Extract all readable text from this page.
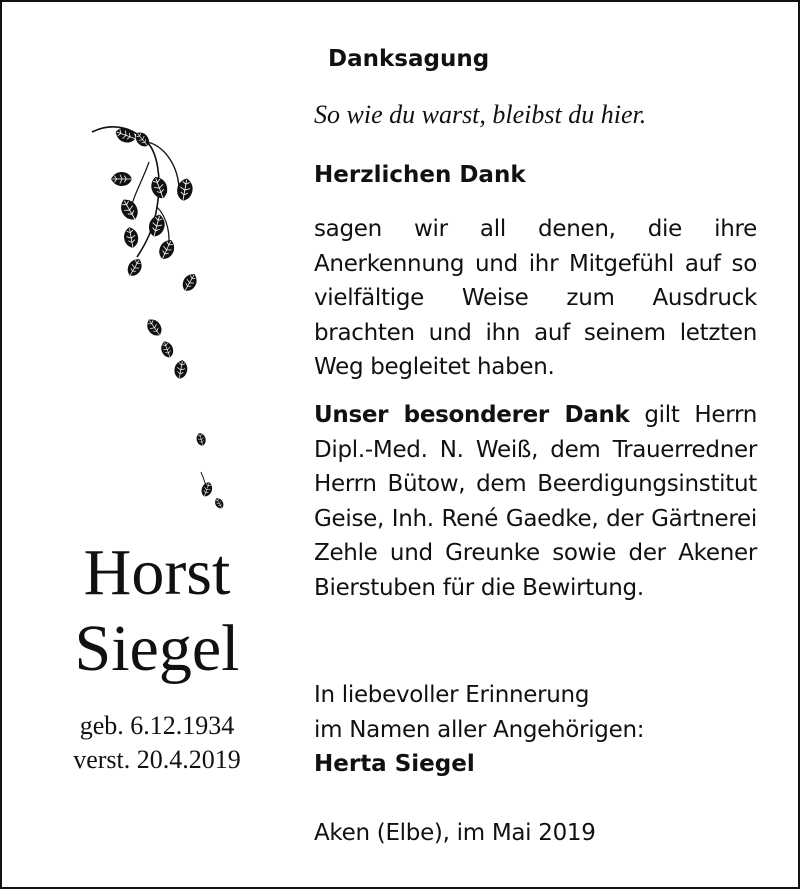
Horst
Siegel
geb. 6.12.1934
verst. 20.4.2019
Danksagung
So wie du warst, bleibst du hier.
Herzlichen Dank
sagen wir all denen, die ihre Anerkennung und ihr Mitgefühl auf so vielfältige Weise zum Ausdruck brachten und ihn auf seinem letzten Weg begleitet haben.
Unser besonderer Dank gilt Herrn Dipl.-Med. N. Weiß, dem Trauerredner Herrn Bütow, dem Beerdigungsinstitut Geise, Inh. René Gaedke, der Gärtnerei Zehle und Greunke sowie der Akener Bierstuben für die Bewirtung.
In liebevoller Erinnerung
im Namen aller Angehörigen:
Herta Siegel
Aken (Elbe), im Mai 2019
